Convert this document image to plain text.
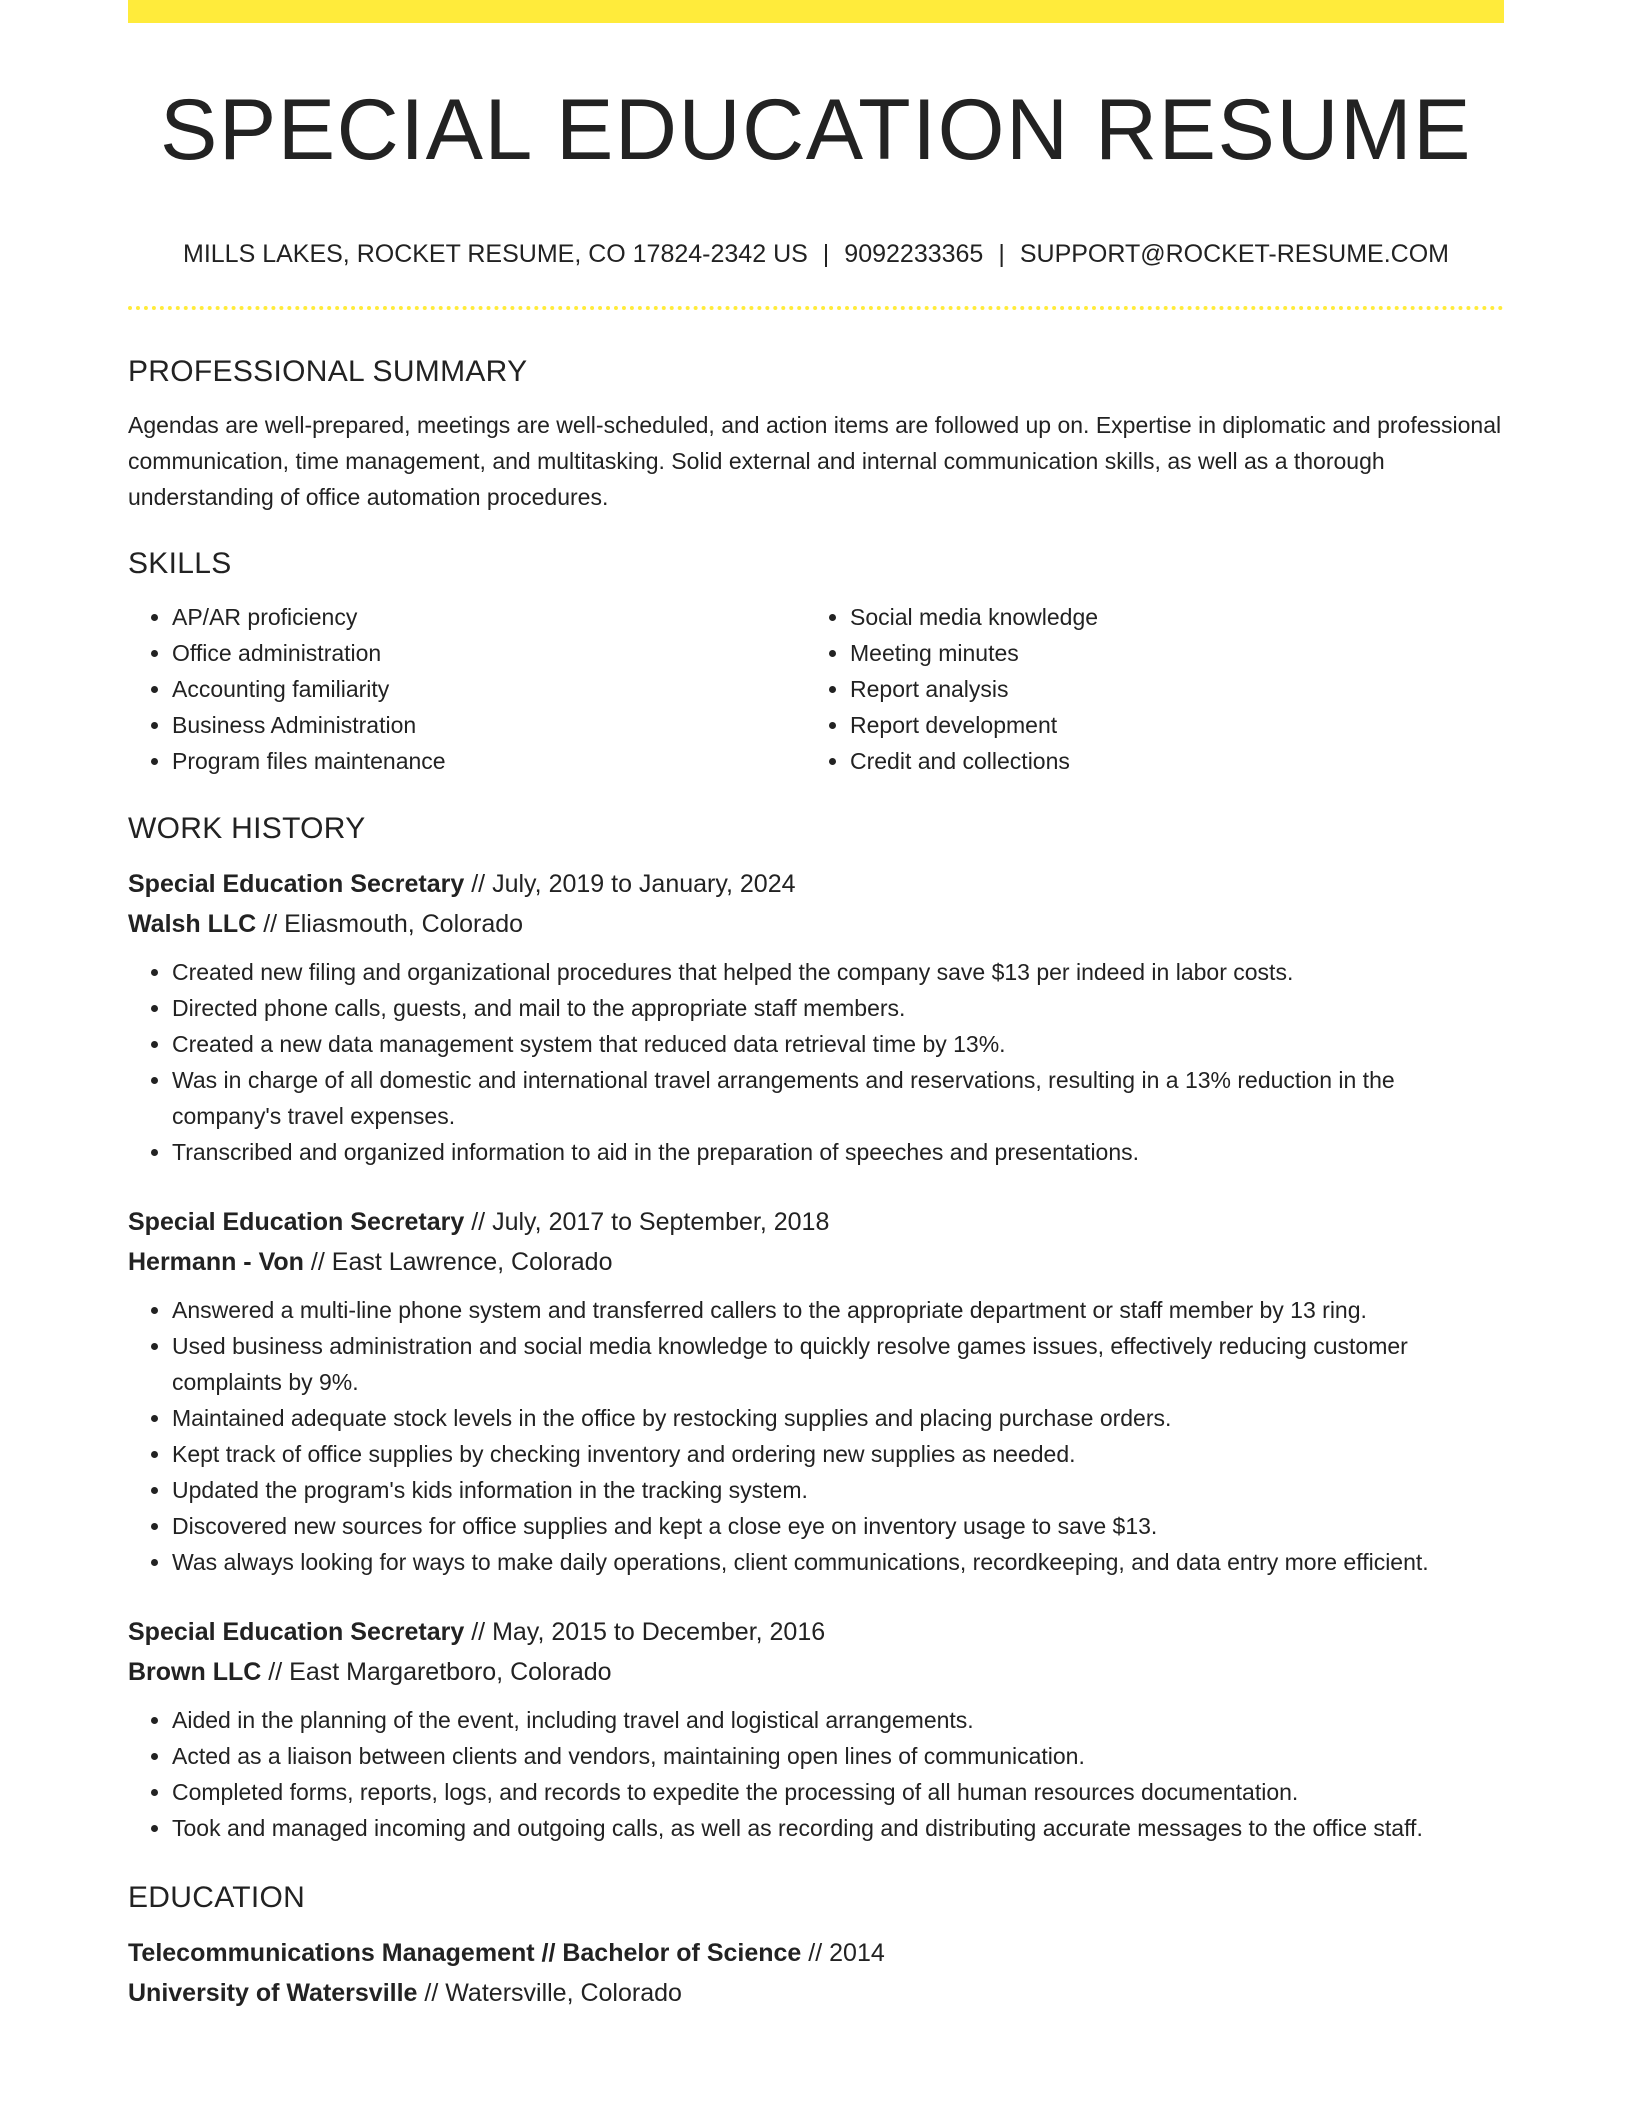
SPECIAL EDUCATION RESUME
MILLS LAKES, ROCKET RESUME, CO 17824-2342 US | 9092233365 | SUPPORT@ROCKET-RESUME.COM
PROFESSIONAL SUMMARY

Agendas are well-prepared, meetings are well-scheduled, and action items are followed up on. Expertise in diplomatic and professional communication, time management, and multitasking. Solid external and internal communication skills, as well as a thorough understanding of office automation procedures.

SKILLS
• AP/AR proficiency
• Office administration
• Accounting familiarity
• Business Administration
• Program files maintenance
• Social media knowledge
• Meeting minutes
• Report analysis
• Report development
• Credit and collections
WORK HISTORY
Special Education Secretary // July, 2019 to January, 2024
Walsh LLC // Eliasmouth, Colorado
• Created new filing and organizational procedures that helped the company save $13 per indeed in labor costs.
• Directed phone calls, guests, and mail to the appropriate staff members.
• Created a new data management system that reduced data retrieval time by 13%.
• Was in charge of all domestic and international travel arrangements and reservations, resulting in a 13% reduction in the company's travel expenses.
• Transcribed and organized information to aid in the preparation of speeches and presentations.
Special Education Secretary // July, 2017 to September, 2018
Hermann - Von // East Lawrence, Colorado
• Answered a multi-line phone system and transferred callers to the appropriate department or staff member by 13 ring.
• Used business administration and social media knowledge to quickly resolve games issues, effectively reducing customer complaints by 9%.
• Maintained adequate stock levels in the office by restocking supplies and placing purchase orders.
• Kept track of office supplies by checking inventory and ordering new supplies as needed.
• Updated the program's kids information in the tracking system.
• Discovered new sources for office supplies and kept a close eye on inventory usage to save $13.
• Was always looking for ways to make daily operations, client communications, recordkeeping, and data entry more efficient.
Special Education Secretary // May, 2015 to December, 2016
Brown LLC // East Margaretboro, Colorado
• Aided in the planning of the event, including travel and logistical arrangements.
• Acted as a liaison between clients and vendors, maintaining open lines of communication.
• Completed forms, reports, logs, and records to expedite the processing of all human resources documentation.
• Took and managed incoming and outgoing calls, as well as recording and distributing accurate messages to the office staff.
EDUCATION
Telecommunications Management // Bachelor of Science // 2014
University of Watersville // Watersville, Colorado
